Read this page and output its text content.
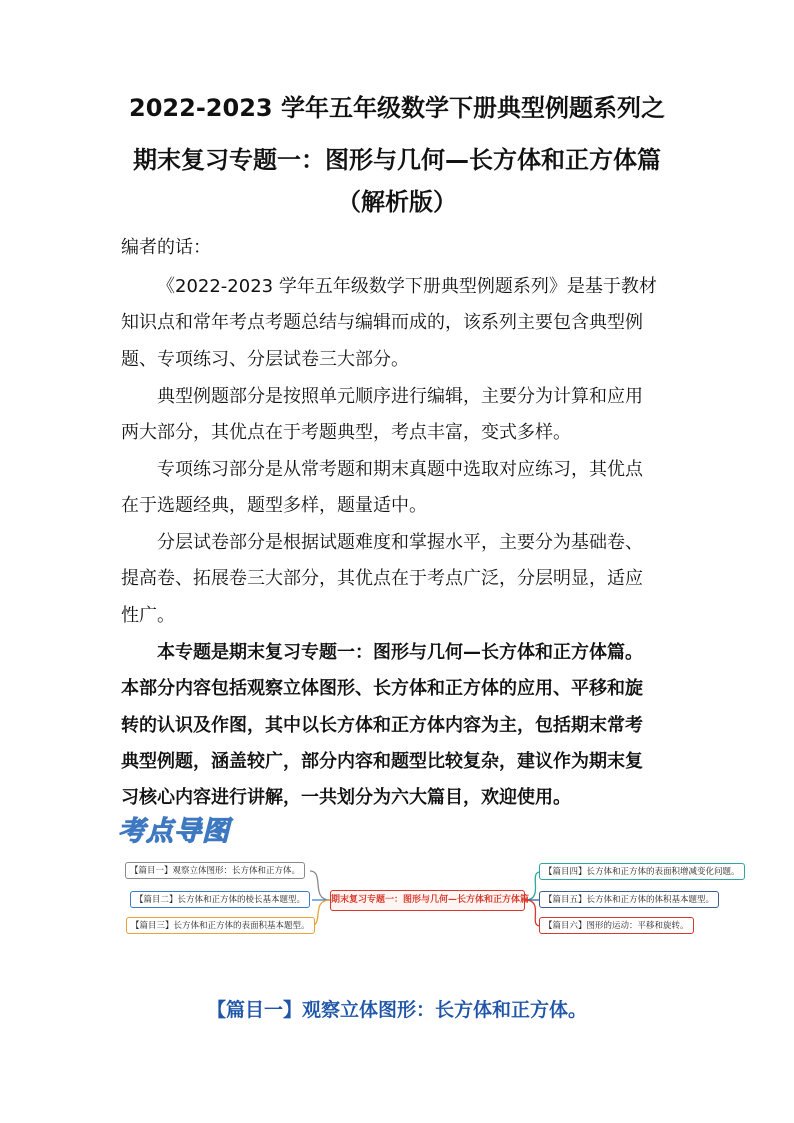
2022-2023 学年五年级数学下册典型例题系列之
期末复习专题一：图形与几何—长方体和正方体篇
（解析版）
编者的话：
《2022-2023 学年五年级数学下册典型例题系列》是基于教材
知识点和常年考点考题总结与编辑而成的，该系列主要包含典型例
题、专项练习、分层试卷三大部分。
典型例题部分是按照单元顺序进行编辑，主要分为计算和应用
两大部分，其优点在于考题典型，考点丰富，变式多样。
专项练习部分是从常考题和期末真题中选取对应练习，其优点
在于选题经典，题型多样，题量适中。
分层试卷部分是根据试题难度和掌握水平，主要分为基础卷、
提高卷、拓展卷三大部分，其优点在于考点广泛，分层明显，适应
性广。
本专题是期末复习专题一：图形与几何—长方体和正方体篇。
本部分内容包括观察立体图形、长方体和正方体的应用、平移和旋
转的认识及作图，其中以长方体和正方体内容为主，包括期末常考
典型例题，涵盖较广，部分内容和题型比较复杂，建议作为期末复
习核心内容进行讲解，一共划分为六大篇目，欢迎使用。
考点导图
期末复习专题一：图形与几何—长方体和正方体篇
【篇目一】观察立体图形：长方体和正方体。
【篇目二】长方体和正方体的棱长基本题型。
【篇目三】长方体和正方体的表面积基本题型。
【篇目四】长方体和正方体的表面积增减变化问题。
【篇目五】长方体和正方体的体积基本题型。
【篇目六】图形的运动：平移和旋转。
【篇目一】观察立体图形：长方体和正方体。
